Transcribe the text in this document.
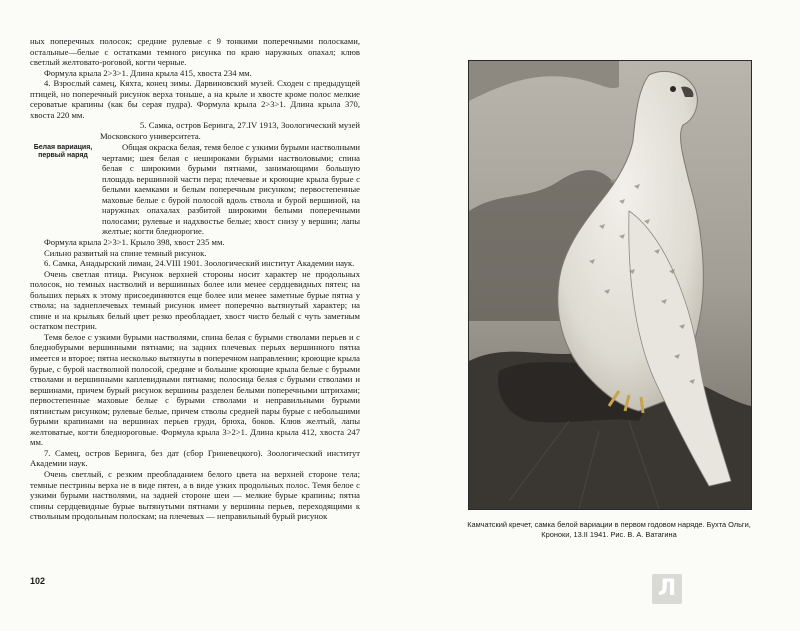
ных поперечных полосок; средние рулевые с 9 тонкими поперечными полосками, остальные—белые с остатками темного рисунка по краю наружных опахал; клюв светлый желтовато-роговой, когти черные.

Формула крыла 2>3>1. Длина крыла 415, хвоста 234 мм.

4. Взрослый самец, Кяхта, конец зимы. Дарвиновский музей. Сходен с предыдущей птицей, но поперечный рисунок верха тоньше, а на крыле и хвосте кроме полос мелкие сероватые крапины (как бы серая пудра). Формула крыла 2>3>1. Длина крыла 370, хвоста 220 мм.

5. Самка, остров Беринга, 27.IV 1913, Зоологический музей Московского университета.

Белая вариация,
первый наряд

Общая окраска белая, темя белое с узкими бурыми настволными чертами; шея белая с нешироками бурыми настволовыми; спина белая с широкими бурыми пятнами, занимающими большую площадь вершинной части пера; плечевые и кроющие крыла бурые с белыми каемками и белым поперечным рисунком; первостепенные маховые белые с бурой полосой вдоль ствола и бурой вершиной, на наружных опахалах разбитой широкими белыми поперечными полосами; рулевые и надхвостье белые; хвост снизу у вершин; лапы желтые; когти бледнорогие.

Формула крыла 2>3>1. Крыло 398, хвост 235 мм.

Сильно развитый на спине темный рисунок.

6. Самка, Анадырский лиман, 24.VIII 1901. Зоологический институт Академии наук.

Очень светлая птица. Рисунок верхней стороны носит характер не продольных полосок, но темных настволий и вершинных более или менее сердцевидных пятен; на больших перьях к этому присоединяются еще более или менее заметные бурые пятна у ствола; на заднеплечевых темный рисунок имеет поперечно вытянутый характер; на спине и на крыльях белый цвет резко преобладает, хвост чисто белый с чуть заметным остатком пестрин.

Темя белое с узкими бурыми настволями, спина белая с бурыми стволами перьев и с бледнобурыми вершинными пятнами; на задних плечевых перьях вершинного пятна имеется и второе; пятна несколько вытянуты в поперечном направлении; кроющие крыла бурые, с бурой настволной полосой, средние и большие кроющие крыла белые с бурыми стволами и вершинными каплевидными пятнами; полосица белая с бурыми стволами и вершинами, причем бурый рисунок вершины разделен белыми поперечными штрихами; первостепенные маховые белые с бурыми стволами и неправильными бурыми пятнистым рисунком; рулевые белые, причем стволы средней пары бурые с небольшими бурыми крапинами на вершинах перьев груди, брюха, боков. Клюв желтый, лапы желтоватые, когти бледнороговые. Формула крыла 3>2>1. Длина крыла 412, хвоста 247 мм.

7. Самец, остров Беринга, без дат (сбор Гриневецкого). Зоологический институт Академии наук.

Очень светлый, с резким преобладанием белого цвета на верхней стороне тела; темные пестрины верха не в виде пятен, а в виде узких продольных полос. Темя белое с узкими бурыми настволями, на задней стороне шеи — мелкие бурые крапины; пятна спины сердцевидные бурые вытянутыми пятнами у вершины перьев, переходящими к ствольным продольным полоскам; на плечевых — неправильный бурый рисунок

102
Камчатский кречет, самка белой вариации в первом годовом наряде. Бухта Ольги,
Кроноки, 13.II 1941. Рис. В. А. Ватагина
Л
